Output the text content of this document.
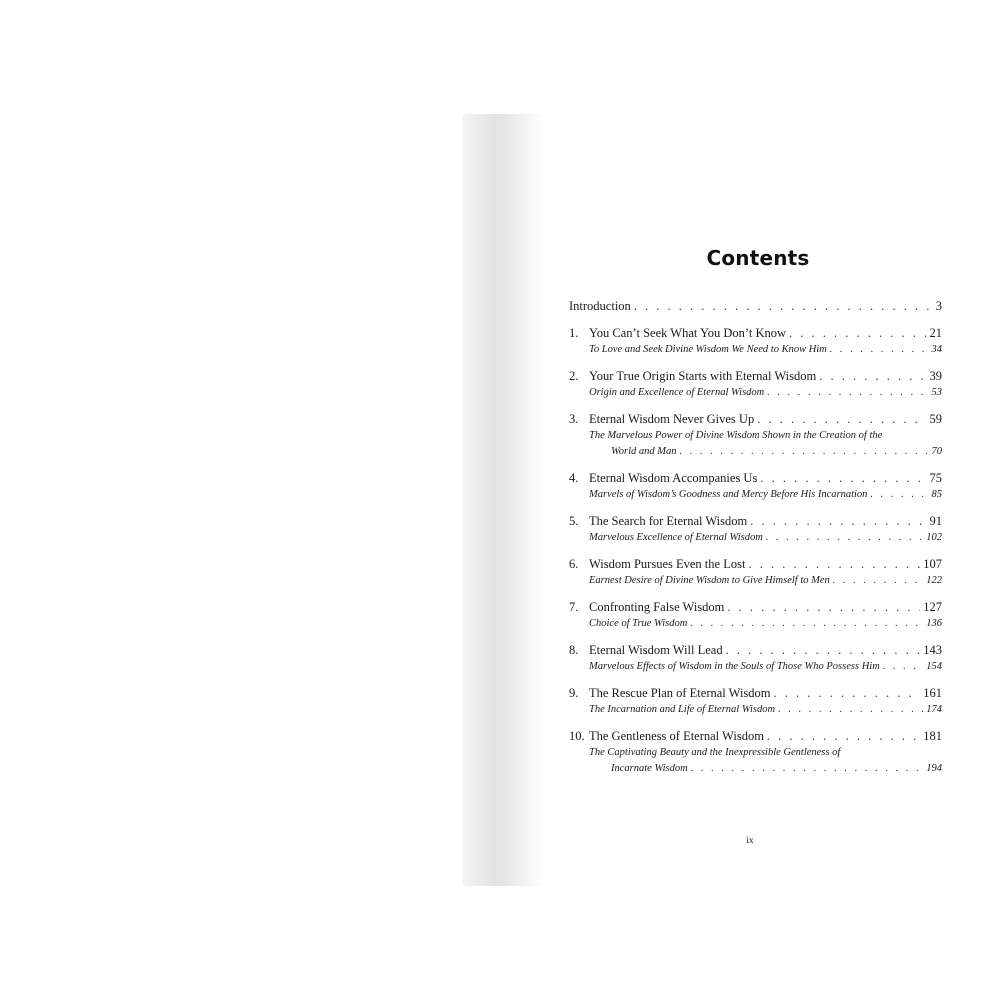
Contents
Introduction . . .	3
1. You Can’t Seek What You Don’t Know . . .	21
To Love and Seek Divine Wisdom We Need to Know Him . . .	34
2. Your True Origin Starts with Eternal Wisdom . . .	39
Origin and Excellence of Eternal Wisdom . . .	53
3. Eternal Wisdom Never Gives Up . . .	59
The Marvelous Power of Divine Wisdom Shown in the Creation of the
World and Man . . .	70
4. Eternal Wisdom Accompanies Us . . .	75
Marvels of Wisdom’s Goodness and Mercy Before His Incarnation . . .	85
5. The Search for Eternal Wisdom . . .	91
Marvelous Excellence of Eternal Wisdom . . .	102
6. Wisdom Pursues Even the Lost . . .	107
Earnest Desire of Divine Wisdom to Give Himself to Men . . .	122
7. Confronting False Wisdom . . .	127
Choice of True Wisdom . . .	136
8. Eternal Wisdom Will Lead . . .	143
Marvelous Effects of Wisdom in the Souls of Those Who Possess Him . . .	154
9. The Rescue Plan of Eternal Wisdom . . .	161
The Incarnation and Life of Eternal Wisdom . . .	174
10. The Gentleness of Eternal Wisdom . . .	181
The Captivating Beauty and the Inexpressible Gentleness of
Incarnate Wisdom . . .	194
ix
